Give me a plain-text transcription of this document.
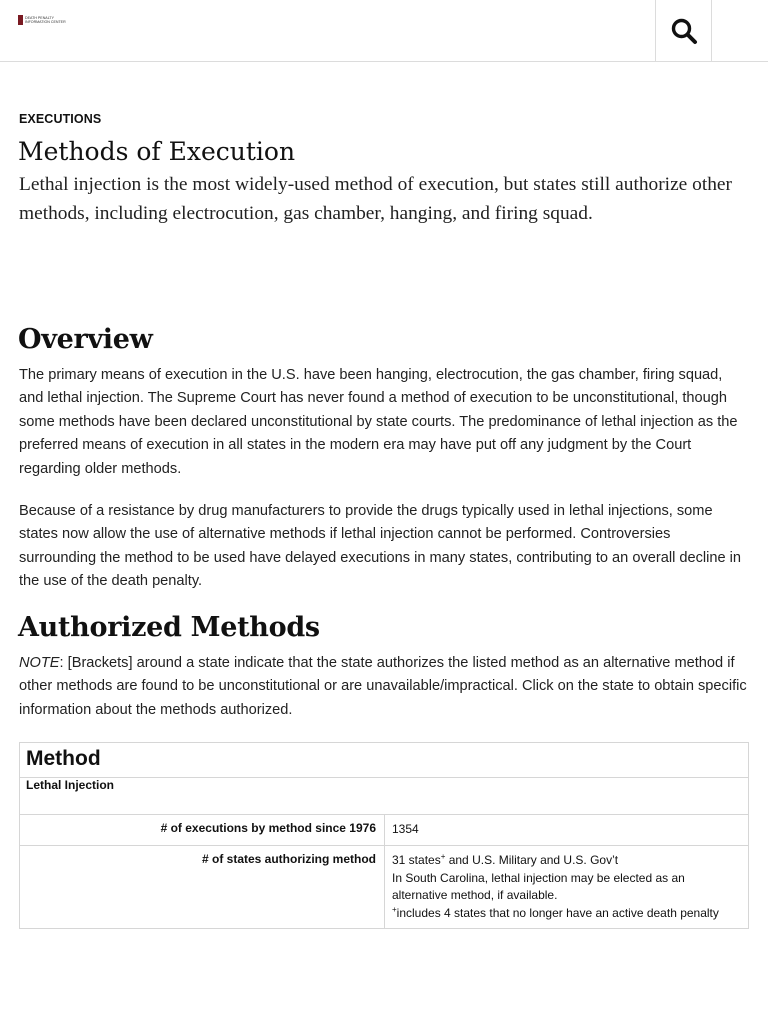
DEATH PENALTY INFORMATION CENTER
EXECUTIONS
Methods of Execution

Lethal injection is the most widely-used method of execution, but states still authorize other methods, including electrocution, gas chamber, hanging, and firing squad.

Overview

The primary means of execution in the U.S. have been hanging, electrocution, the gas chamber, firing squad, and lethal injection. The Supreme Court has never found a method of execution to be unconstitutional, though some methods have been declared unconstitutional by state courts. The predominance of lethal injection as the preferred means of execution in all states in the modern era may have put off any judgment by the Court regarding older methods.

Because of a resistance by drug manufacturers to provide the drugs typically used in lethal injections, some states now allow the use of alternative methods if lethal injection cannot be performed. Controversies surrounding the method to be used have delayed executions in many states, contributing to an overall decline in the use of the death penalty.

Authorized Methods

NOTE: [Brackets] around a state indicate that the state authorizes the listed method as an alternative method if other methods are found to be unconstitutional or are unavailable/impractical. Click on the state to obtain specific information about the methods authorized.

Method	
Lethal Injection	
# of executions by method since 1976	1354
# of states authorizing method	31 states+ and U.S. Military and U.S. Gov’t
In South Carolina, lethal injection may be elected as an alternative method, if available.
+includes 4 states that no longer have an active death penalty
